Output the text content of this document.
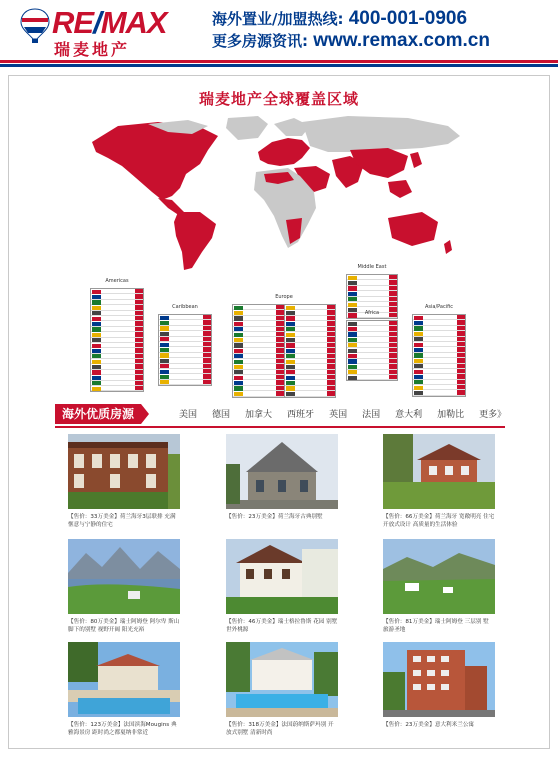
RE/MAX
瑞麦地产
海外置业/加盟热线: 400-001-0906
更多房源资讯: www.remax.com.cn
瑞麦地产全球覆盖区域
Americas
Caribbean
Europe
Middle East
Africa
Asia/Pacific
海外优质房源	美国 德国 加拿大 西班牙 英国 法国 意大利 加勒比 更多》
【售价：33万美金】荷兰海牙3层联排 充满惬意与宁静的住宅
【售价：23万美金】荷兰海牙古典别墅	【售价：66万美金】荷兰海牙 宽敞明亮 住宅开放式设计 高质量的生活体验
【售价：80万美金】瑞士阿姆登 阿尔卑 斯山脚下的别墅 视野开阔 阳光充裕
【售价：46万美金】瑞士格拉鲁斯 花园 别墅 世外桃源
【售价：81万美金】瑞士阿姆登 三层别 墅 旅游圣地
【售价：123万美金】法国滨海Mougins 典雅海景房 距时尚之都戛纳非常近
【售价：318万美金】法国蔚纳斯萨玛别 开放式别墅 清新时尚
【售价：23万美金】意大利米兰公寓
